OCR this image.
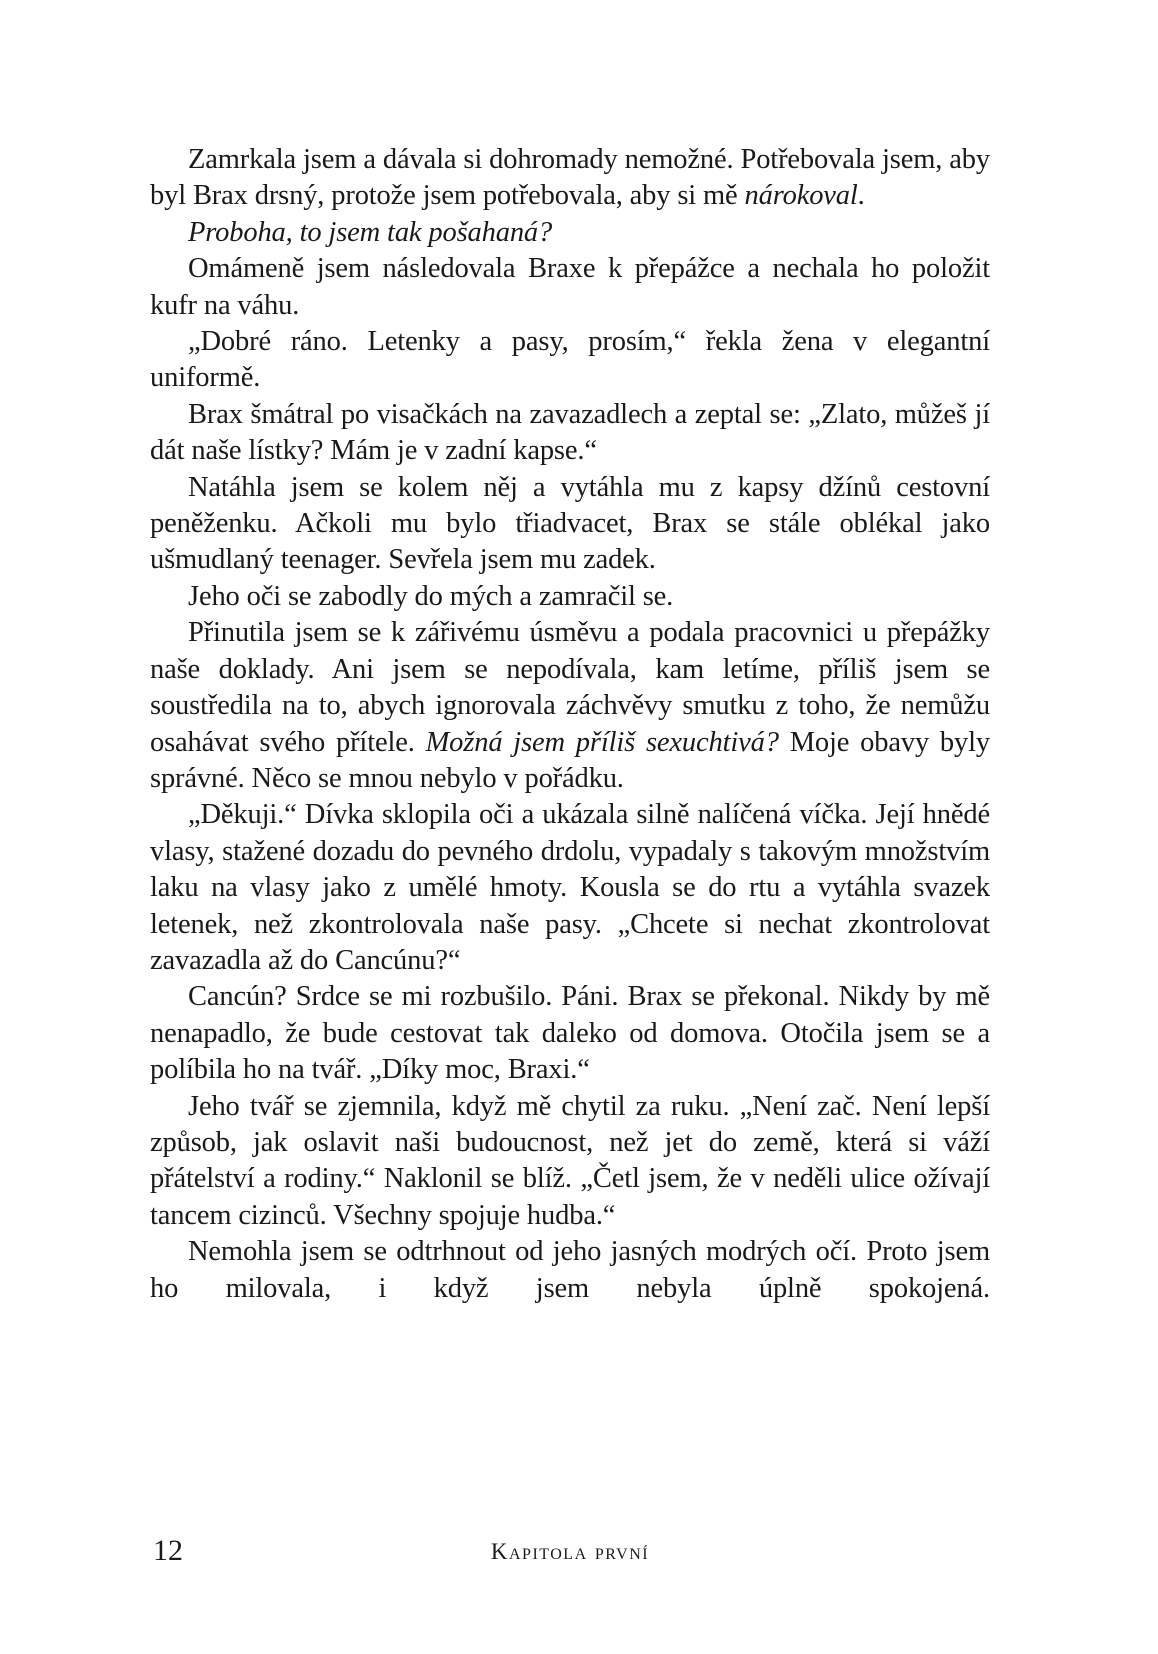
Zamrkala jsem a dávala si dohromady nemožné. Potřebovala jsem, aby byl Brax drsný, protože jsem potřebovala, aby si mě nárokoval.

Proboha, to jsem tak pošahaná?

Omámeně jsem následovala Braxe k přepážce a nechala ho položit kufr na váhu.

„Dobré ráno. Letenky a pasy, prosím,“ řekla žena v elegantní uniformě.

Brax šmátral po visačkách na zavazadlech a zeptal se: „Zlato, můžeš jí dát naše lístky? Mám je v zadní kapse.“

Natáhla jsem se kolem něj a vytáhla mu z kapsy džínů cestovní peněženku. Ačkoli mu bylo třiadvacet, Brax se stále oblékal jako ušmudlaný teenager. Sevřela jsem mu zadek.

Jeho oči se zabodly do mých a zamračil se.

Přinutila jsem se k zářivému úsměvu a podala pracovnici u přepážky naše doklady. Ani jsem se nepodívala, kam letíme, příliš jsem se soustředila na to, abych ignorovala záchvěvy smutku z toho, že nemůžu osahávat svého přítele. Možná jsem příliš sexuchtivá? Moje obavy byly správné. Něco se mnou nebylo v pořádku.

„Děkuji.“ Dívka sklopila oči a ukázala silně nalíčená víčka. Její hnědé vlasy, stažené dozadu do pevného drdolu, vypadaly s takovým množstvím laku na vlasy jako z umělé hmoty. Kousla se do rtu a vytáhla svazek letenek, než zkontrolovala naše pasy. „Chcete si nechat zkontrolovat zavazadla až do Cancúnu?“

Cancún? Srdce se mi rozbušilo. Páni. Brax se překonal. Nikdy by mě nenapadlo, že bude cestovat tak daleko od domova. Otočila jsem se a políbila ho na tvář. „Díky moc, Braxi.“

Jeho tvář se zjemnila, když mě chytil za ruku. „Není zač. Není lepší způsob, jak oslavit naši budoucnost, než jet do země, která si váží přátelství a rodiny.“ Naklonil se blíž. „Četl jsem, že v neděli ulice ožívají tancem cizinců. Všechny spojuje hudba.“

Nemohla jsem se odtrhnout od jeho jasných modrých očí. Proto jsem ho milovala, i když jsem nebyla úplně spokojená.

12	Kapitola první
